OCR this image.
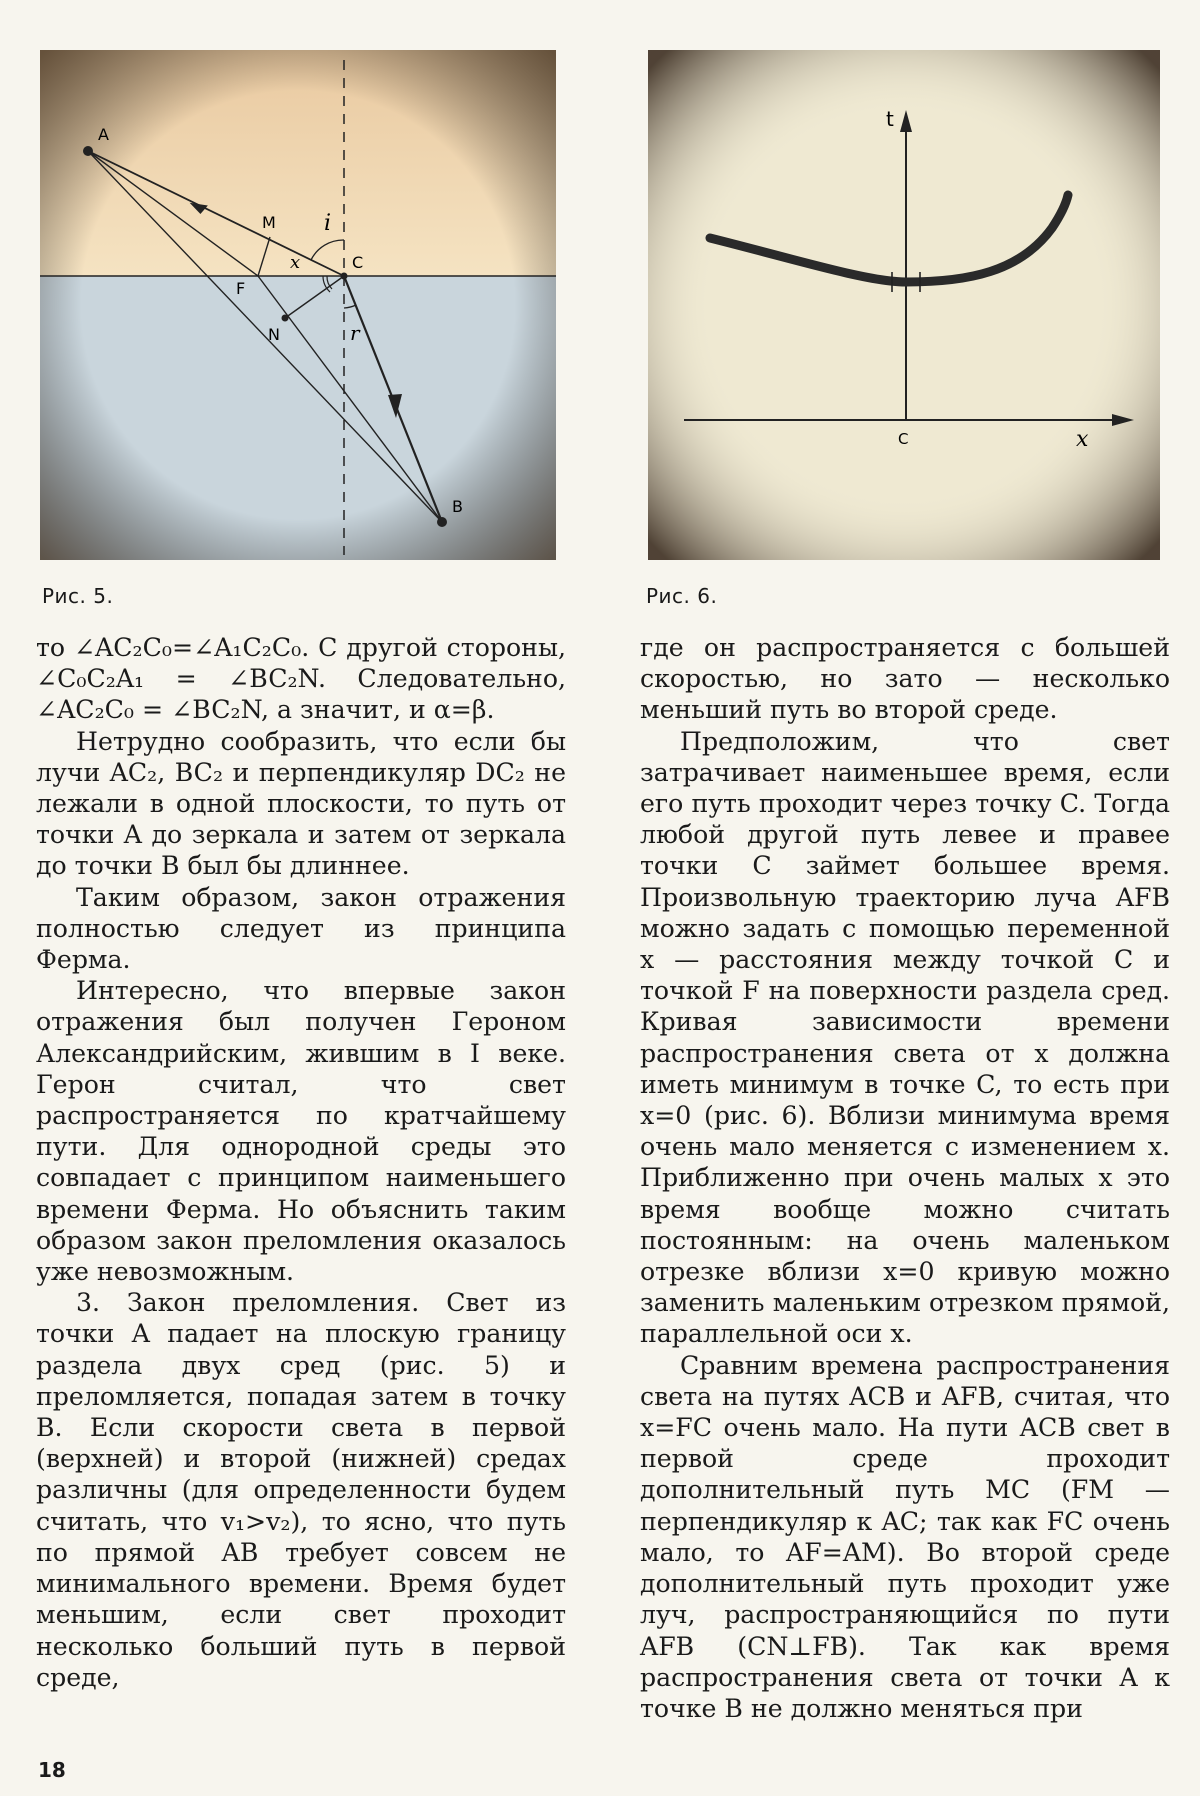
A
B
C
M
F
N
x
i
r
t
x
C
Рис. 5.	Рис. 6.

то ∠AC₂C₀=∠A₁C₂C₀. С другой стороны, ∠C₀C₂A₁ = ∠BC₂N. Следовательно, ∠AC₂C₀ = ∠BC₂N, а значит, и α=β.

Нетрудно сообразить, что если бы лучи AC₂, BC₂ и перпендикуляр DC₂ не лежали в одной плоскости, то путь от точки A до зеркала и затем от зеркала до точки B был бы длиннее.

Таким образом, закон отражения полностью следует из принципа Ферма.

Интересно, что впервые закон отражения был получен Героном Александрийским, жившим в I веке. Герон считал, что свет распространяется по кратчайшему пути. Для однородной среды это совпадает с принципом наименьшего времени Ферма. Но объяснить таким образом закон преломления оказалось уже невозможным.

3. Закон преломления. Свет из точки A падает на плоскую границу раздела двух сред (рис. 5) и преломляется, попадая затем в точку B. Если скорости света в первой (верхней) и второй (нижней) средах различны (для определенности будем считать, что v₁>v₂), то ясно, что путь по прямой AB требует совсем не минимального времени. Время будет меньшим, если свет проходит несколько больший путь в первой среде,

где он распространяется с большей скоростью, но зато — несколько меньший путь во второй среде.

Предположим, что свет затрачивает наименьшее время, если его путь проходит через точку C. Тогда любой другой путь левее и правее точки C займет большее время. Произвольную траекторию луча AFB можно задать с помощью переменной x — расстояния между точкой C и точкой F на поверхности раздела сред. Кривая зависимости времени распространения света от x должна иметь минимум в точке C, то есть при x=0 (рис. 6). Вблизи минимума время очень мало меняется с изменением x. Приближенно при очень малых x это время вообще можно считать постоянным: на очень маленьком отрезке вблизи x=0 кривую можно заменить маленьким отрезком прямой, параллельной оси x.

Сравним времена распространения света на путях ACB и AFB, считая, что x=FC очень мало. На пути ACB свет в первой среде проходит дополнительный путь MC (FM — перпендикуляр к AC; так как FC очень мало, то AF=AM). Во второй среде дополнительный путь проходит уже луч, распространяющийся по пути AFB (CN⊥FB). Так как время распространения света от точки A к точке B не должно меняться при

18
